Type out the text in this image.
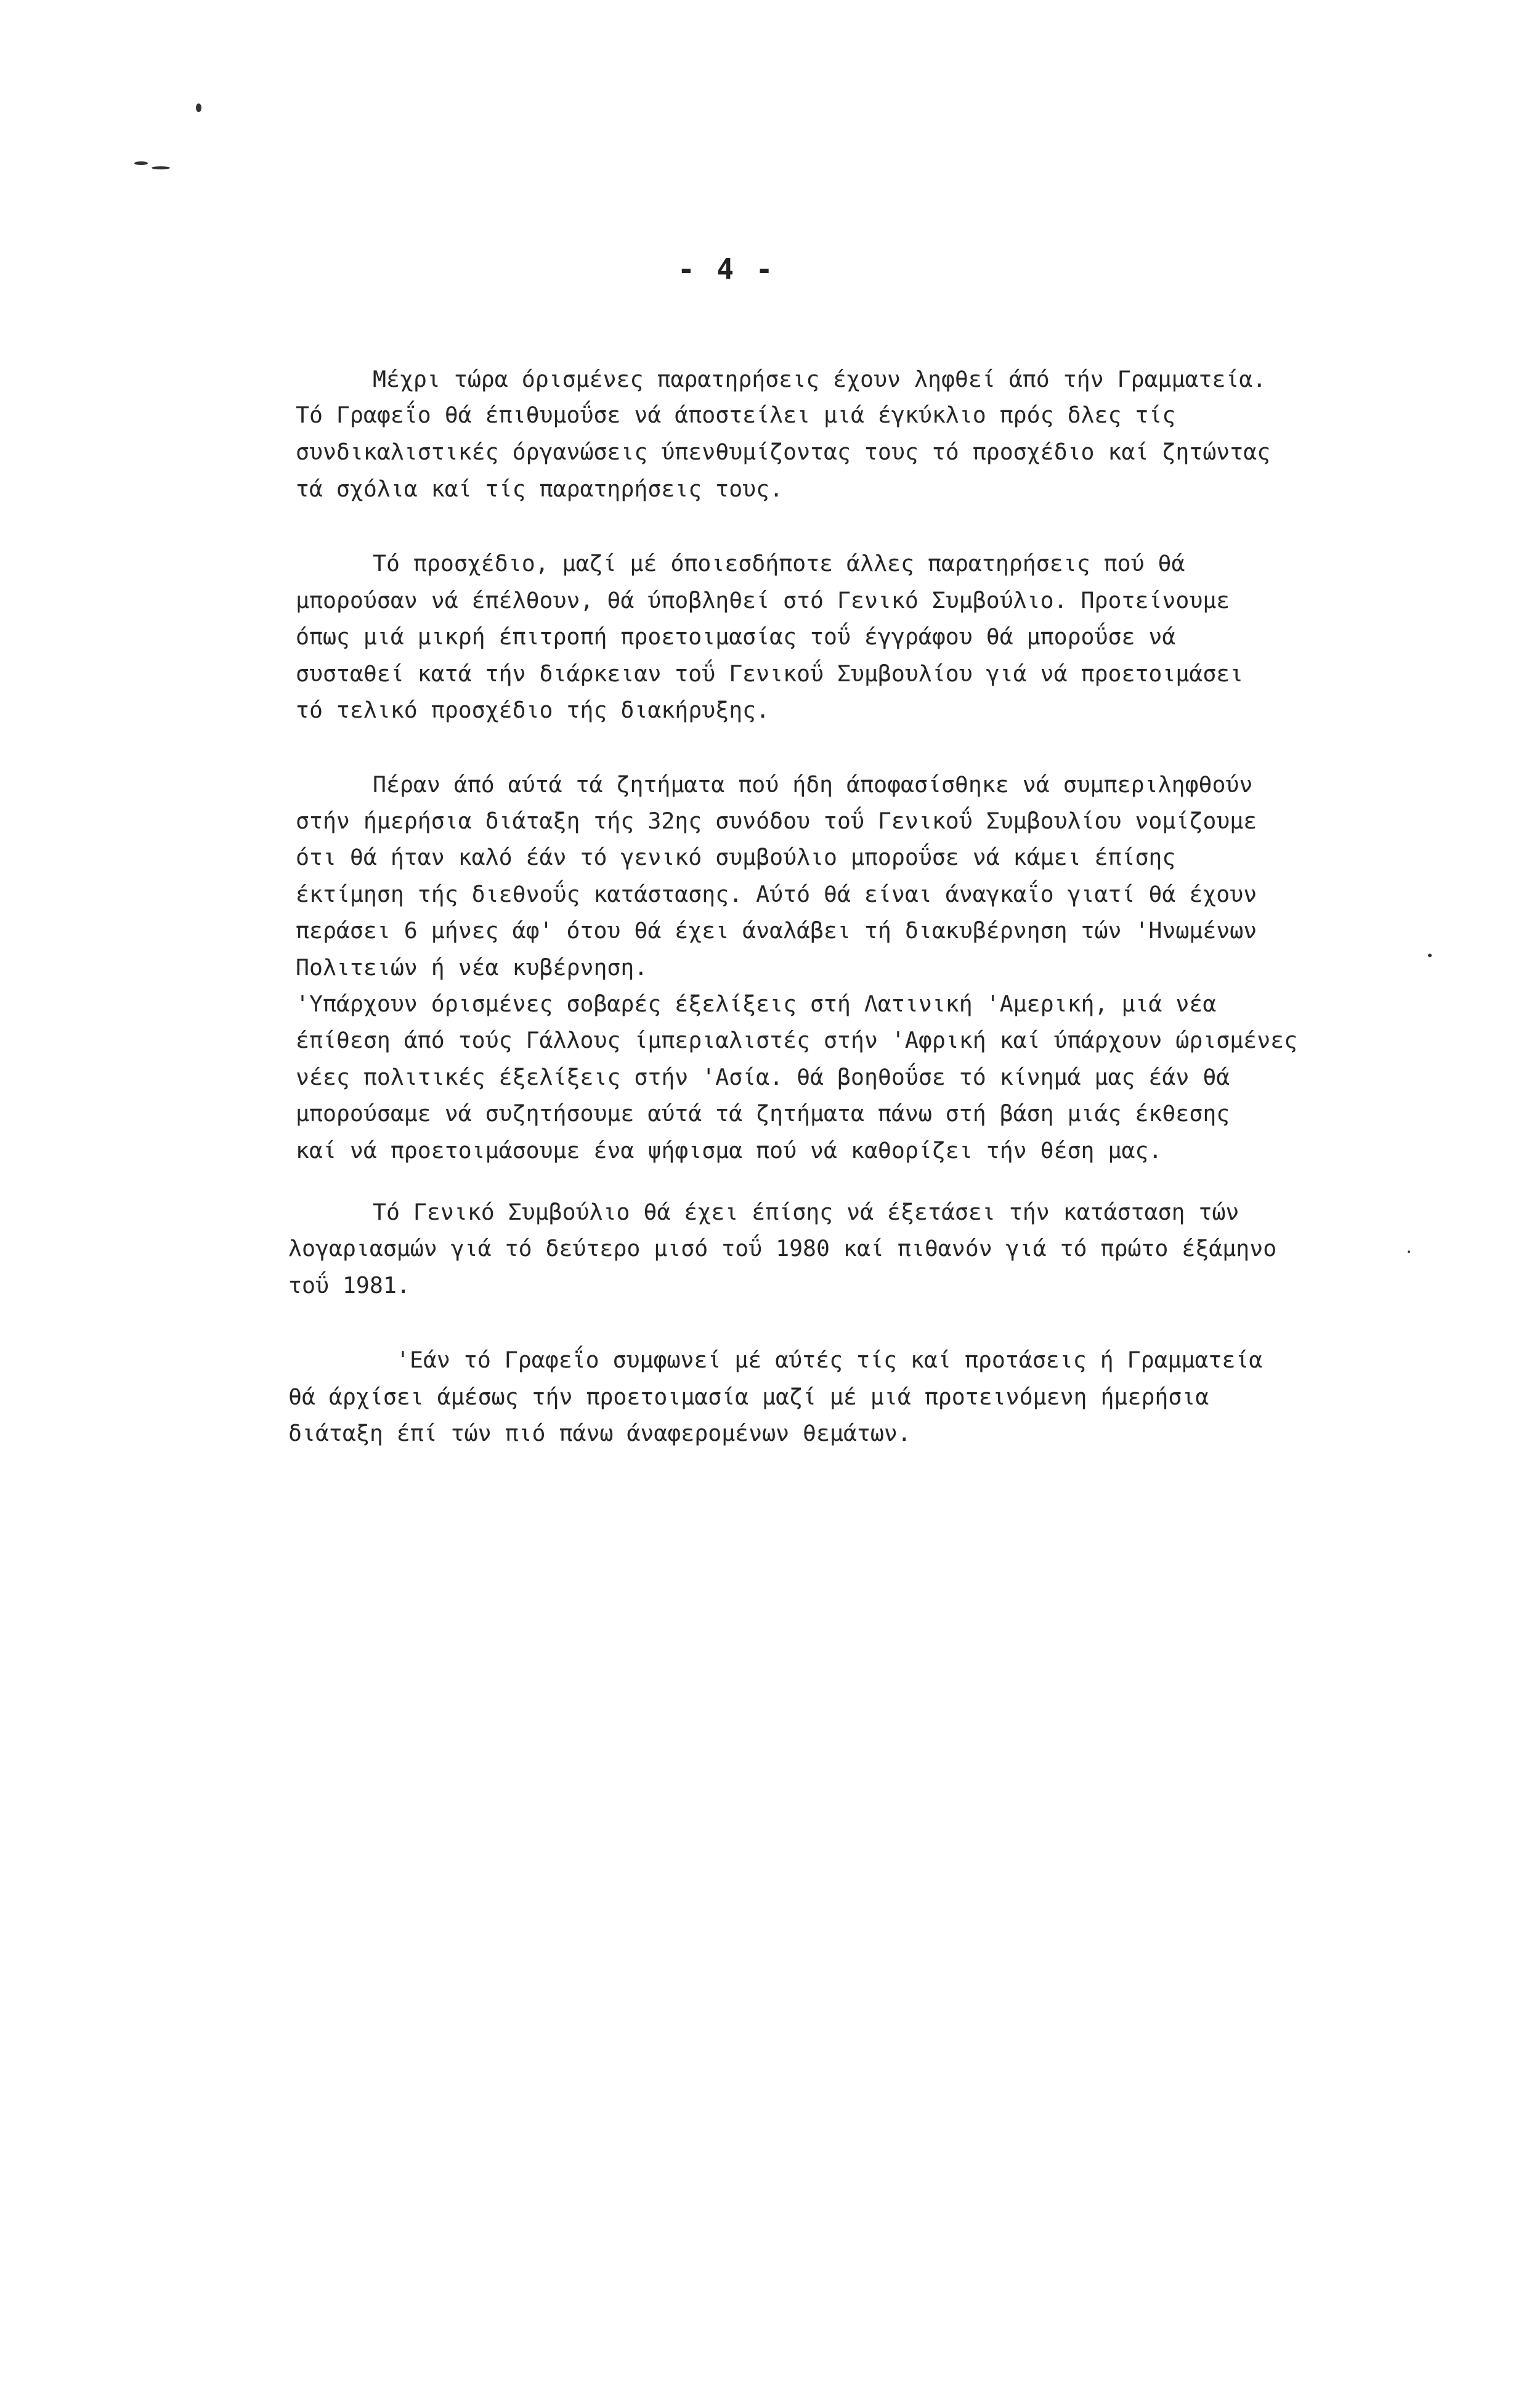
- 4 -

Μέχρι τώρα όρισμένες παρατηρήσεις έχουν ληφθεί άπό τήν Γραμματεία.

Τό Γραφεΐο θά έπιθυμοΰσε νά άποστείλει μιά έγκύκλιο πρός δλες τίς

συνδικαλιστικές όργανώσεις ύπενθυμίζοντας τους τό προσχέδιο καί ζητώντας

τά σχόλια καί τίς παρατηρήσεις τους.

Τό προσχέδιο, μαζί μέ όποιεσδήποτε άλλες παρατηρήσεις πού θά

μπορούσαν νά έπέλθουν, θά ύποβληθεί στό Γενικό Συμβούλιο. Προτείνουμε

όπως μιά μικρή έπιτροπή προετοιμασίας τοΰ έγγράφου θά μποροΰσε νά

συσταθεί κατά τήν διάρκειαν τοΰ Γενικοΰ Συμβουλίου γιά νά προετοιμάσει

τό τελικό προσχέδιο τής διακήρυξης.

Πέραν άπό αύτά τά ζητήματα πού ήδη άποφασίσθηκε νά συμπεριληφθούν

στήν ήμερήσια διάταξη τής 32ης συνόδου τοΰ Γενικοΰ Συμβουλίου νομίζουμε

ότι θά ήταν καλό έάν τό γενικό συμβούλιο μποροΰσε νά κάμει έπίσης

έκτίμηση τής διεθνοΰς κατάστασης. Αύτό θά είναι άναγκαΐο γιατί θά έχουν

περάσει 6 μήνες άφ' ότου θά έχει άναλάβει τή διακυβέρνηση τών 'Ηνωμένων

Πολιτειών ή νέα κυβέρνηση.

'Υπάρχουν όρισμένες σοβαρές έξελίξεις στή Λατινική 'Αμερική, μιά νέα

έπίθεση άπό τούς Γάλλους ίμπεριαλιστές στήν 'Αφρική καί ύπάρχουν ώρισμένες

νέες πολιτικές έξελίξεις στήν 'Ασία. θά βοηθοΰσε τό κίνημά μας έάν θά

μπορούσαμε νά συζητήσουμε αύτά τά ζητήματα πάνω στή βάση μιάς έκθεσης

καί νά προετοιμάσουμε ένα ψήφισμα πού νά καθορίζει τήν θέση μας.

Τό Γενικό Συμβούλιο θά έχει έπίσης νά έξετάσει τήν κατάσταση τών

λογαριασμών γιά τό δεύτερο μισό τοΰ 1980 καί πιθανόν γιά τό πρώτο έξάμηνο

τοΰ 1981.

'Εάν τό Γραφεΐο συμφωνεί μέ αύτές τίς καί προτάσεις ή Γραμματεία

θά άρχίσει άμέσως τήν προετοιμασία μαζί μέ μιά προτεινόμενη ήμερήσια

διάταξη έπί τών πιό πάνω άναφερομένων θεμάτων.
